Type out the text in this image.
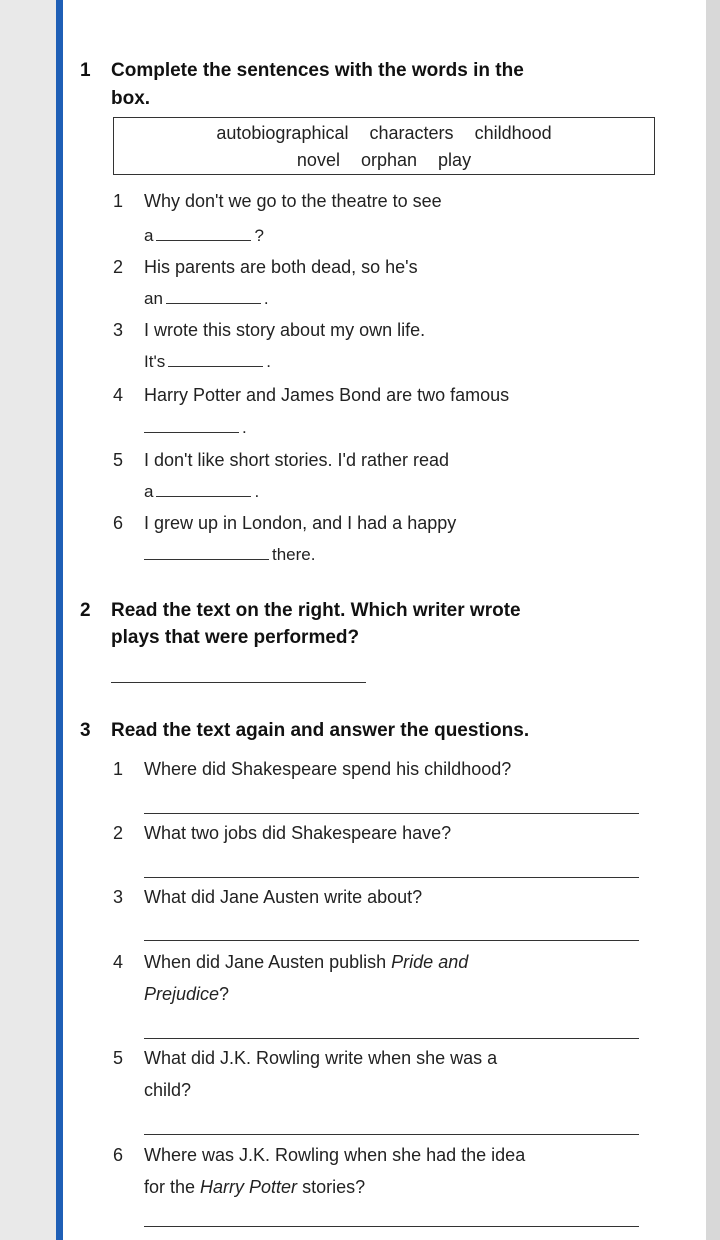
1 Complete the sentences with the words in the
box.
autobiographical characters childhood
novel orphan play
1 Why don't we go to the theatre to see
a	?
2 His parents are both dead, so he's
an	.
3 I wrote this story about my own life.
It's	.
4 Harry Potter and James Bond are two famous
.
5 I don't like short stories. I'd rather read
a	.
6 I grew up in London, and I had a happy
there.
2 Read the text on the right. Which writer wrote
plays that were performed?
3 Read the text again and answer the questions.
1 Where did Shakespeare spend his childhood?
2 What two jobs did Shakespeare have?
3 What did Jane Austen write about?
4 When did Jane Austen publish Pride and
Prejudice?
5 What did J.K. Rowling write when she was a
child?
6 Where was J.K. Rowling when she had the idea
for the Harry Potter stories?
